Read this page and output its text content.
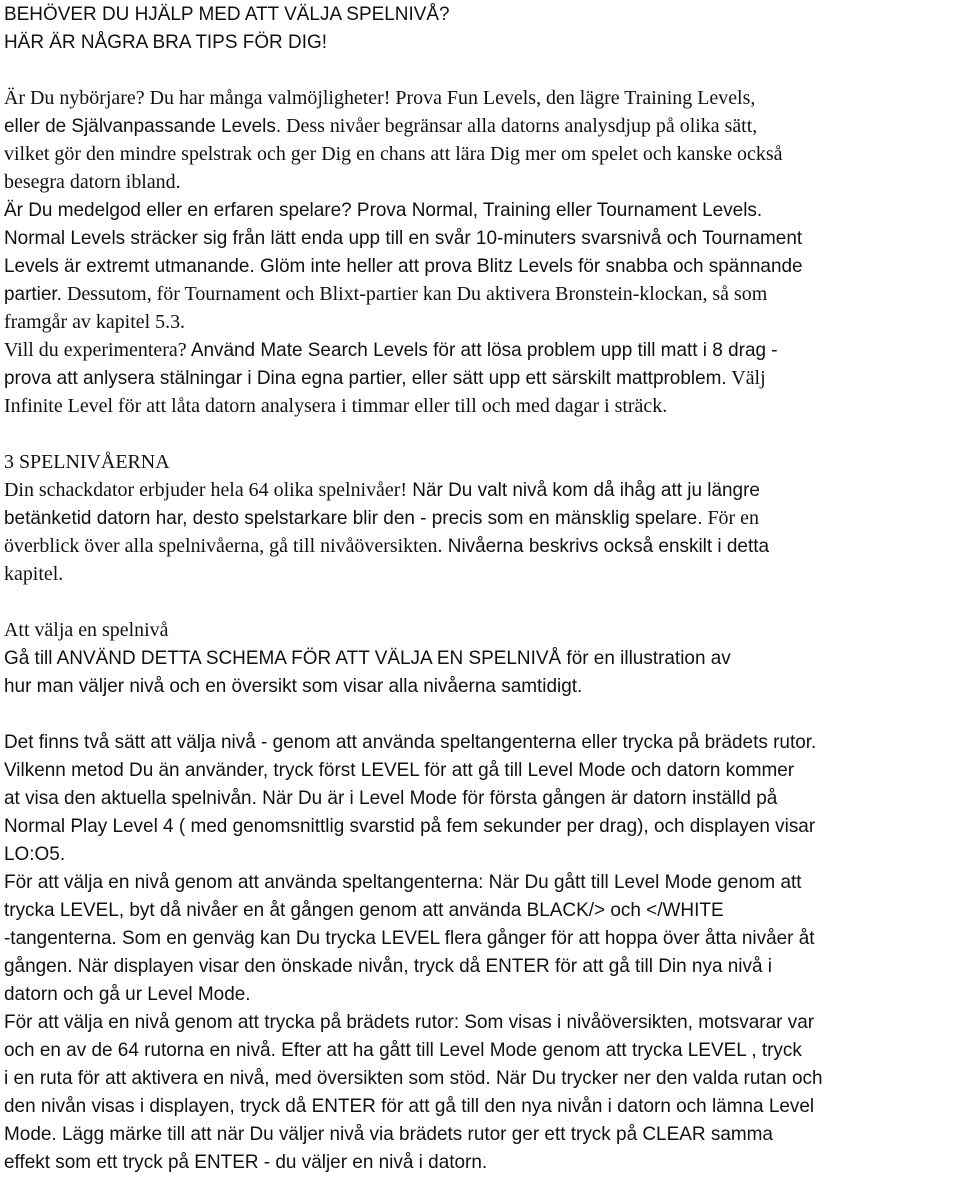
BEHÖVER DU HJÄLP MED ATT VÄLJA SPELNIVÅ?
HÄR ÄR NÅGRA BRA TIPS FÖR DIG!
Är Du nybörjare? Du har många valmöjligheter! Prova Fun Levels, den lägre Training Levels,
eller de Självanpassande Levels. Dess nivåer begränsar alla datorns analysdjup på olika sätt,
vilket gör den mindre spelstrak och ger Dig en chans att lära Dig mer om spelet och kanske också
besegra datorn ibland.
Är Du medelgod eller en erfaren spelare? Prova Normal, Training eller Tournament Levels.
Normal Levels sträcker sig från lätt enda upp till en svår 10-minuters svarsnivå och Tournament
Levels är extremt utmanande. Glöm inte heller att prova Blitz Levels för snabba och spännande
partier. Dessutom, för Tournament och Blixt-partier kan Du aktivera Bronstein-klockan, så som
framgår av kapitel 5.3.
Vill du experimentera? Använd Mate Search Levels för att lösa problem upp till matt i 8 drag -
prova att anlysera stälningar i Dina egna partier, eller sätt upp ett särskilt mattproblem. Välj
Infinite Level för att låta datorn analysera i timmar eller till och med dagar i sträck.
3 SPELNIVÅERNA
Din schackdator erbjuder hela 64 olika spelnivåer! När Du valt nivå kom då ihåg att ju längre
betänketid datorn har, desto spelstarkare blir den - precis som en mänsklig spelare. För en
överblick över alla spelnivåerna, gå till nivåöversikten. Nivåerna beskrivs också enskilt i detta
kapitel.
Att välja en spelnivå
Gå till ANVÄND DETTA SCHEMA FÖR ATT VÄLJA EN SPELNIVÅ för en illustration av
hur man väljer nivå och en översikt som visar alla nivåerna samtidigt.
Det finns två sätt att välja nivå - genom att använda speltangenterna eller trycka på brädets rutor.
Vilkenn metod Du än använder, tryck först LEVEL för att gå till Level Mode och datorn kommer
at visa den aktuella spelnivån. När Du är i Level Mode för första gången är datorn inställd på
Normal Play Level 4 ( med genomsnittlig svarstid på fem sekunder per drag), och displayen visar
LO:O5.
För att välja en nivå genom att använda speltangenterna: När Du gått till Level Mode genom att
trycka LEVEL, byt då nivåer en åt gången genom att använda BLACK/> och </WHITE
-tangenterna. Som en genväg kan Du trycka LEVEL flera gånger för att hoppa över åtta nivåer åt
gången. När displayen visar den önskade nivån, tryck då ENTER för att gå till Din nya nivå i
datorn och gå ur Level Mode.
För att välja en nivå genom att trycka på brädets rutor: Som visas i nivåöversikten, motsvarar var
och en av de 64 rutorna en nivå. Efter att ha gått till Level Mode genom att trycka LEVEL , tryck
i en ruta för att aktivera en nivå, med översikten som stöd. När Du trycker ner den valda rutan och
den nivån visas i displayen, tryck då ENTER för att gå till den nya nivån i datorn och lämna Level
Mode. Lägg märke till att när Du väljer nivå via brädets rutor ger ett tryck på CLEAR samma
effekt som ett tryck på ENTER - du väljer en nivå i datorn.
